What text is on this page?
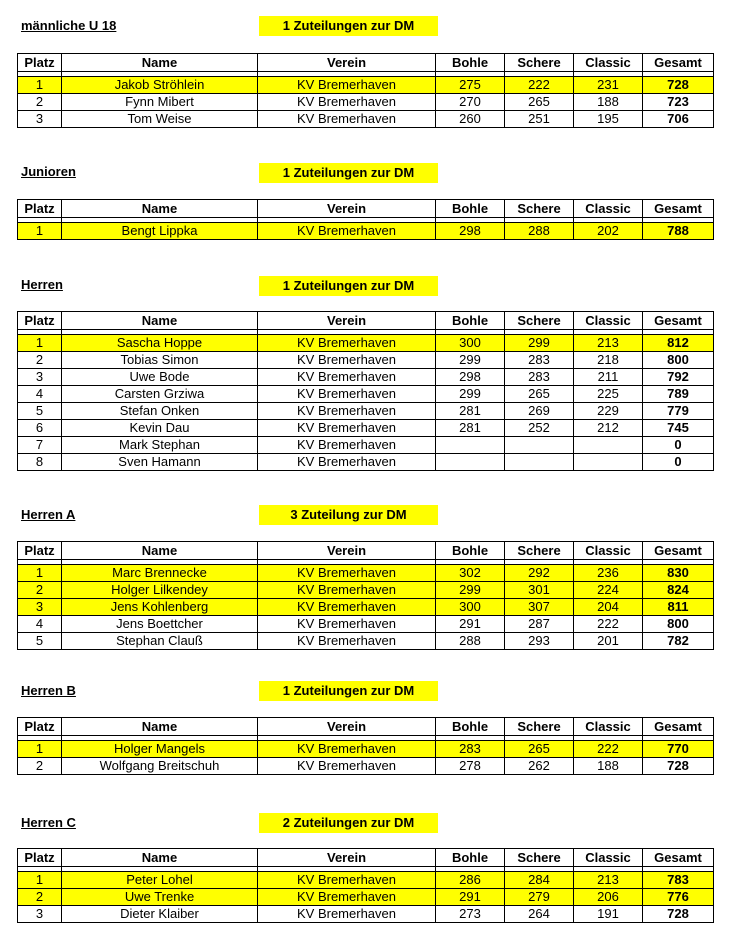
männliche U 18	1 Zuteilungen zur DM
Platz	Name	Verein	Bohle	Schere	Classic	Gesamt

1	Jakob Ströhlein	KV Bremerhaven	275	222	231	728
2	Fynn Mibert	KV Bremerhaven	270	265	188	723
3	Tom Weise	KV Bremerhaven	260	251	195	706
Junioren	1 Zuteilungen zur DM
Platz	Name	Verein	Bohle	Schere	Classic	Gesamt

1	Bengt Lippka	KV Bremerhaven	298	288	202	788
Herren	1 Zuteilungen zur DM
Platz	Name	Verein	Bohle	Schere	Classic	Gesamt

1	Sascha Hoppe	KV Bremerhaven	300	299	213	812
2	Tobias Simon	KV Bremerhaven	299	283	218	800
3	Uwe Bode	KV Bremerhaven	298	283	211	792
4	Carsten Grziwa	KV Bremerhaven	299	265	225	789
5	Stefan Onken	KV Bremerhaven	281	269	229	779
6	Kevin Dau	KV Bremerhaven	281	252	212	745
7	Mark Stephan	KV Bremerhaven				0
8	Sven Hamann	KV Bremerhaven				0
Herren A	3 Zuteilung zur DM
Platz	Name	Verein	Bohle	Schere	Classic	Gesamt

1	Marc Brennecke	KV Bremerhaven	302	292	236	830
2	Holger Lilkendey	KV Bremerhaven	299	301	224	824
3	Jens Kohlenberg	KV Bremerhaven	300	307	204	811
4	Jens Boettcher	KV Bremerhaven	291	287	222	800
5	Stephan Clauß	KV Bremerhaven	288	293	201	782
Herren B	1 Zuteilungen zur DM
Platz	Name	Verein	Bohle	Schere	Classic	Gesamt

1	Holger Mangels	KV Bremerhaven	283	265	222	770
2	Wolfgang Breitschuh	KV Bremerhaven	278	262	188	728
Herren C	2 Zuteilungen zur DM
Platz	Name	Verein	Bohle	Schere	Classic	Gesamt

1	Peter Lohel	KV Bremerhaven	286	284	213	783
2	Uwe Trenke	KV Bremerhaven	291	279	206	776
3	Dieter Klaiber	KV Bremerhaven	273	264	191	728
